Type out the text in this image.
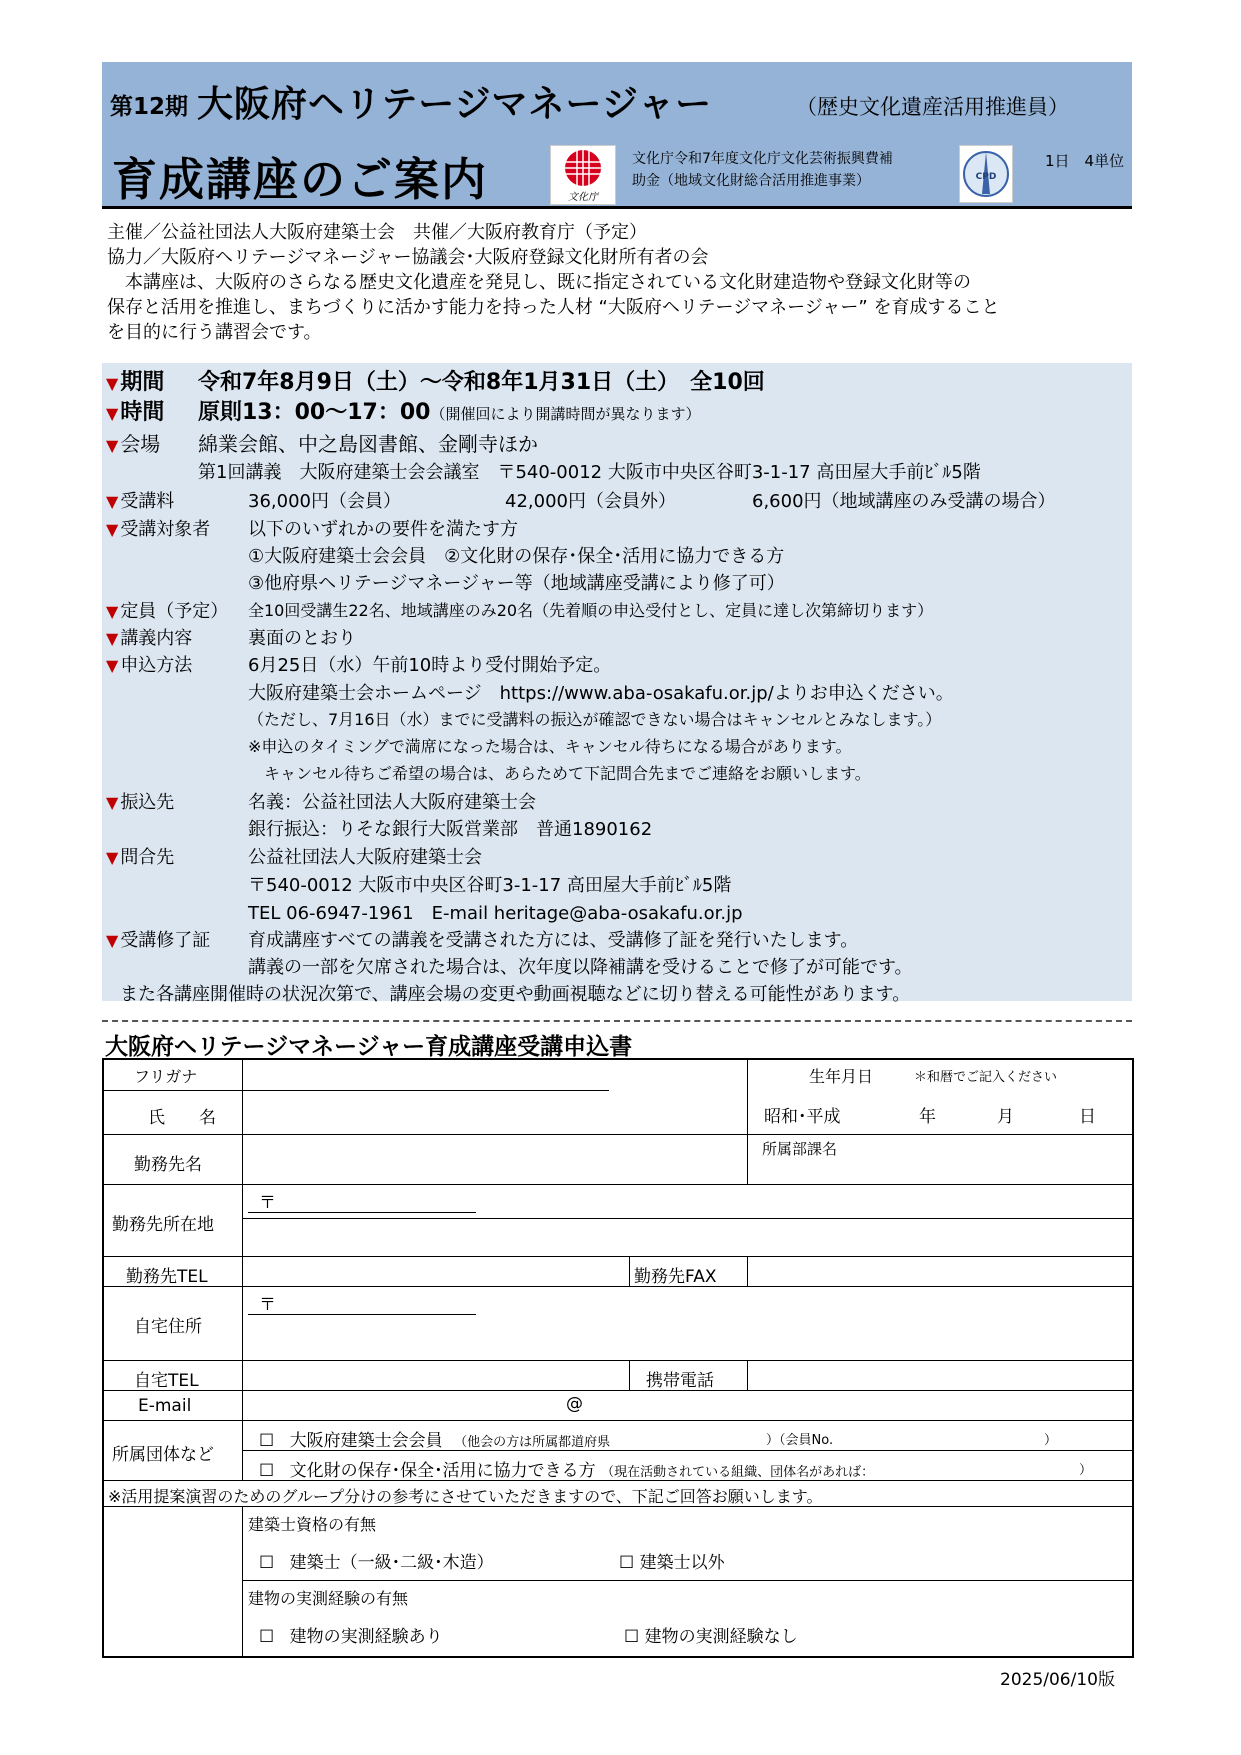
第12期 大阪府ヘリテージマネージャー	（歴史文化遺産活用推進員）
育成講座のご案内	文化庁
文化庁令和7年度文化庁文化芸術振興費補
助金（地域文化財総合活用推進事業）	CPD
1日　4単位
主催／公益社団法人大阪府建築士会　共催／大阪府教育庁（予定）
協力／大阪府ヘリテージマネージャー協議会･大阪府登録文化財所有者の会
　本講座は、大阪府のさらなる歴史文化遺産を発見し、既に指定されている文化財建造物や登録文化財等の
保存と活用を推進し、まちづくりに活かす能力を持った人材 “大阪府ヘリテージマネージャー” を育成すること
を目的に行う講習会です。
▼期間 令和7年8月9日（土）～令和8年1月31日（土）　全10回
▼時間 原則13：00～17：00（開催回により開講時間が異なります）
▼ 会場 綿業会館、中之島図書館、金剛寺ほか
第1回講義　大阪府建築士会会議室　〒540-0012 大阪市中央区谷町3-1-17 高田屋大手前ﾋﾞﾙ5階
▼ 受講料	36,000円（会員）	42,000円（会員外）	6,600円（地域講座のみ受講の場合）
▼ 受講対象者 以下のいずれかの要件を満たす方
①大阪府建築士会会員　②文化財の保存･保全･活用に協力できる方
③他府県ヘリテージマネージャー等（地域講座受講により修了可）
▼ 定員（予定） 全10回受講生22名、地域講座のみ20名（先着順の申込受付とし、定員に達し次第締切ります）
▼ 講義内容	裏面のとおり
▼ 申込方法	6月25日（水）午前10時より受付開始予定。
大阪府建築士会ホームページ　https://www.aba-osakafu.or.jp/よりお申込ください。
（ただし、7月16日（水）までに受講料の振込が確認できない場合はキャンセルとみなします。）
※申込のタイミングで満席になった場合は、キャンセル待ちになる場合があります。
　キャンセル待ちご希望の場合は、あらためて下記問合先までご連絡をお願いします。
▼ 振込先	名義：公益社団法人大阪府建築士会
銀行振込：りそな銀行大阪営業部　普通1890162
▼ 問合先	公益社団法人大阪府建築士会
〒540-0012 大阪市中央区谷町3-1-17 高田屋大手前ﾋﾞﾙ5階
TEL 06-6947-1961　E-mail heritage@aba-osakafu.or.jp
▼ 受講修了証 育成講座すべての講義を受講された方には、受講修了証を発行いたします。
講義の一部を欠席された場合は、次年度以降補講を受けることで修了が可能です。
また各講座開催時の状況次第で、講座会場の変更や動画視聴などに切り替える可能性があります。
大阪府ヘリテージマネージャー育成講座受講申込書
フリガナ	生年月日	＊和暦でご記入ください
氏　　名	昭和･平成	年	月	日
勤務先名
所属部課名
勤務先所在地
〒
勤務先TEL	勤務先FAX
自宅住所
〒
自宅TEL	携帯電話
E-mail	@
所属団体など
☐ 大阪府建築士会会員 （他会の方は所属都道府県	）（会員No.	）
☐ 文化財の保存･保全･活用に協力できる方 （現在活動されている組織、団体名があれば：	）
※活用提案演習のためのグループ分けの参考にさせていただきますので、下記ご回答お願いします。
建築士資格の有無
☐ 建築士（一級･二級･木造）	☐ 建築士以外
建物の実測経験の有無
☐ 建物の実測経験あり	☐ 建物の実測経験なし
2025/06/10版
